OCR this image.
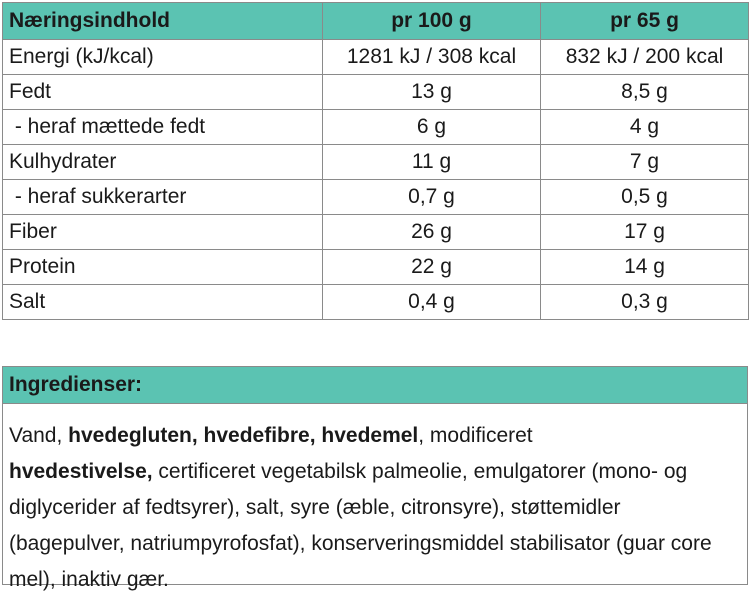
Næringsindhold	pr 100 g	pr 65 g
Energi (kJ/kcal)	1281 kJ / 308 kcal	832 kJ / 200 kcal
Fedt	13 g	8,5 g
- heraf mættede fedt	6 g	4 g
Kulhydrater	11 g	7 g
- heraf sukkerarter	0,7 g	0,5 g
Fiber	26 g	17 g
Protein	22 g	14 g
Salt	0,4 g	0,3 g
Ingredienser:
Vand, hvedegluten, hvedefibre, hvedemel, modificeret
hvedestivelse, certificeret vegetabilsk palmeolie, emulgatorer (mono- og diglycerider af fedtsyrer), salt, syre (æble, citronsyre), støttemidler (bagepulver, natriumpyrofosfat), konserveringsmiddel stabilisator (guar core mel), inaktiv gær.
